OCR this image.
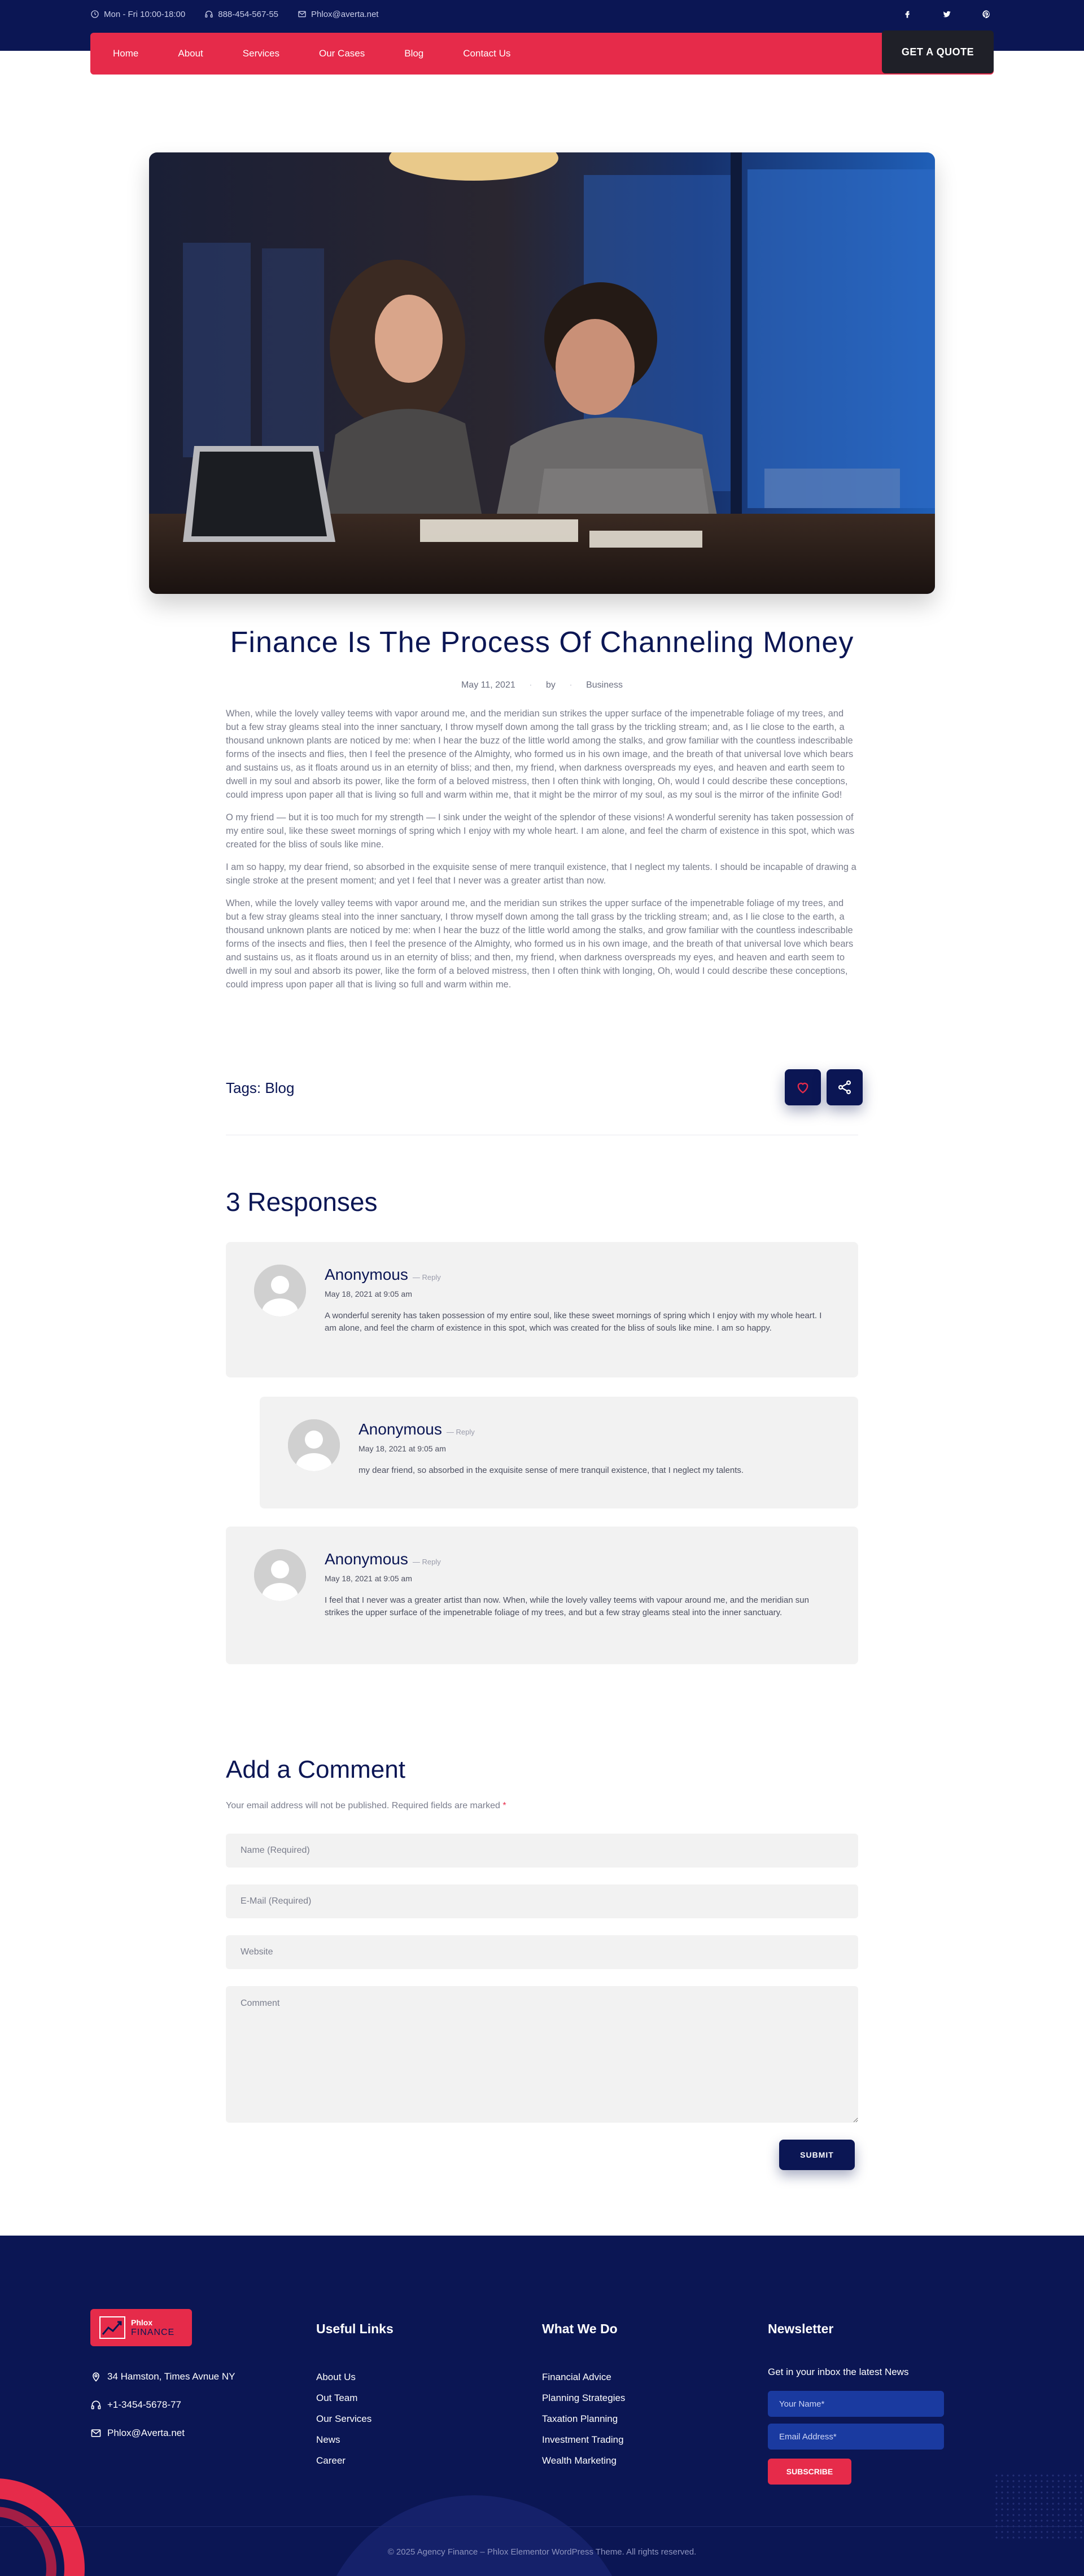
Mon - Fri 10:00-18:00	888-454-567-55	Phlox@averta.net
Home	About	Services	Our Cases	Blog	Contact Us	GET A QUOTE
Finance Is The Process Of Channeling Money
May 11, 2021 · by · Business

When, while the lovely valley teems with vapor around me, and the meridian sun strikes the upper surface of the impenetrable foliage of my trees, and but a few stray gleams steal into the inner sanctuary, I throw myself down among the tall grass by the trickling stream; and, as I lie close to the earth, a thousand unknown plants are noticed by me: when I hear the buzz of the little world among the stalks, and grow familiar with the countless indescribable forms of the insects and flies, then I feel the presence of the Almighty, who formed us in his own image, and the breath of that universal love which bears and sustains us, as it floats around us in an eternity of bliss; and then, my friend, when darkness overspreads my eyes, and heaven and earth seem to dwell in my soul and absorb its power, like the form of a beloved mistress, then I often think with longing, Oh, would I could describe these conceptions, could impress upon paper all that is living so full and warm within me, that it might be the mirror of my soul, as my soul is the mirror of the infinite God!

O my friend — but it is too much for my strength — I sink under the weight of the splendor of these visions! A wonderful serenity has taken possession of my entire soul, like these sweet mornings of spring which I enjoy with my whole heart. I am alone, and feel the charm of existence in this spot, which was created for the bliss of souls like mine.

I am so happy, my dear friend, so absorbed in the exquisite sense of mere tranquil existence, that I neglect my talents. I should be incapable of drawing a single stroke at the present moment; and yet I feel that I never was a greater artist than now.

When, while the lovely valley teems with vapor around me, and the meridian sun strikes the upper surface of the impenetrable foliage of my trees, and but a few stray gleams steal into the inner sanctuary, I throw myself down among the tall grass by the trickling stream; and, as I lie close to the earth, a thousand unknown plants are noticed by me: when I hear the buzz of the little world among the stalks, and grow familiar with the countless indescribable forms of the insects and flies, then I feel the presence of the Almighty, who formed us in his own image, and the breath of that universal love which bears and sustains us, as it floats around us in an eternity of bliss; and then, my friend, when darkness overspreads my eyes, and heaven and earth seem to dwell in my soul and absorb its power, like the form of a beloved mistress, then I often think with longing, Oh, would I could describe these conceptions, could impress upon paper all that is living so full and warm within me.

Tags: Blog
3 Responses
Anonymous — Reply
May 18, 2021 at 9:05 am
A wonderful serenity has taken possession of my entire soul, like these sweet mornings of spring which I enjoy with my whole heart. I am alone, and feel the charm of existence in this spot, which was created for the bliss of souls like mine. I am so happy.
Anonymous — Reply
May 18, 2021 at 9:05 am
my dear friend, so absorbed in the exquisite sense of mere tranquil existence, that I neglect my talents.
Anonymous — Reply
May 18, 2021 at 9:05 am
I feel that I never was a greater artist than now. When, while the lovely valley teems with vapour around me, and the meridian sun strikes the upper surface of the impenetrable foliage of my trees, and but a few stray gleams steal into the inner sanctuary.
Add a Comment
Your email address will not be published. Required fields are marked *
Name (Required)
E-Mail (Required)
Website
Comment
SUBMIT
Phlox
FINANCE
34 Hamston, Times Avnue NY
+1-3454-5678-77
Phlox@Averta.net
Useful Links
About Us
Out Team
Our Services
News
Career
What We Do
Financial Advice
Planning Strategies
Taxation Planning
Investment Trading
Wealth Marketing
Newsletter
Get in your inbox the latest News
Your Name*
Email Address*
SUBSCRIBE
© 2025 Agency Finance – Phlox Elementor WordPress Theme. All rights reserved.
